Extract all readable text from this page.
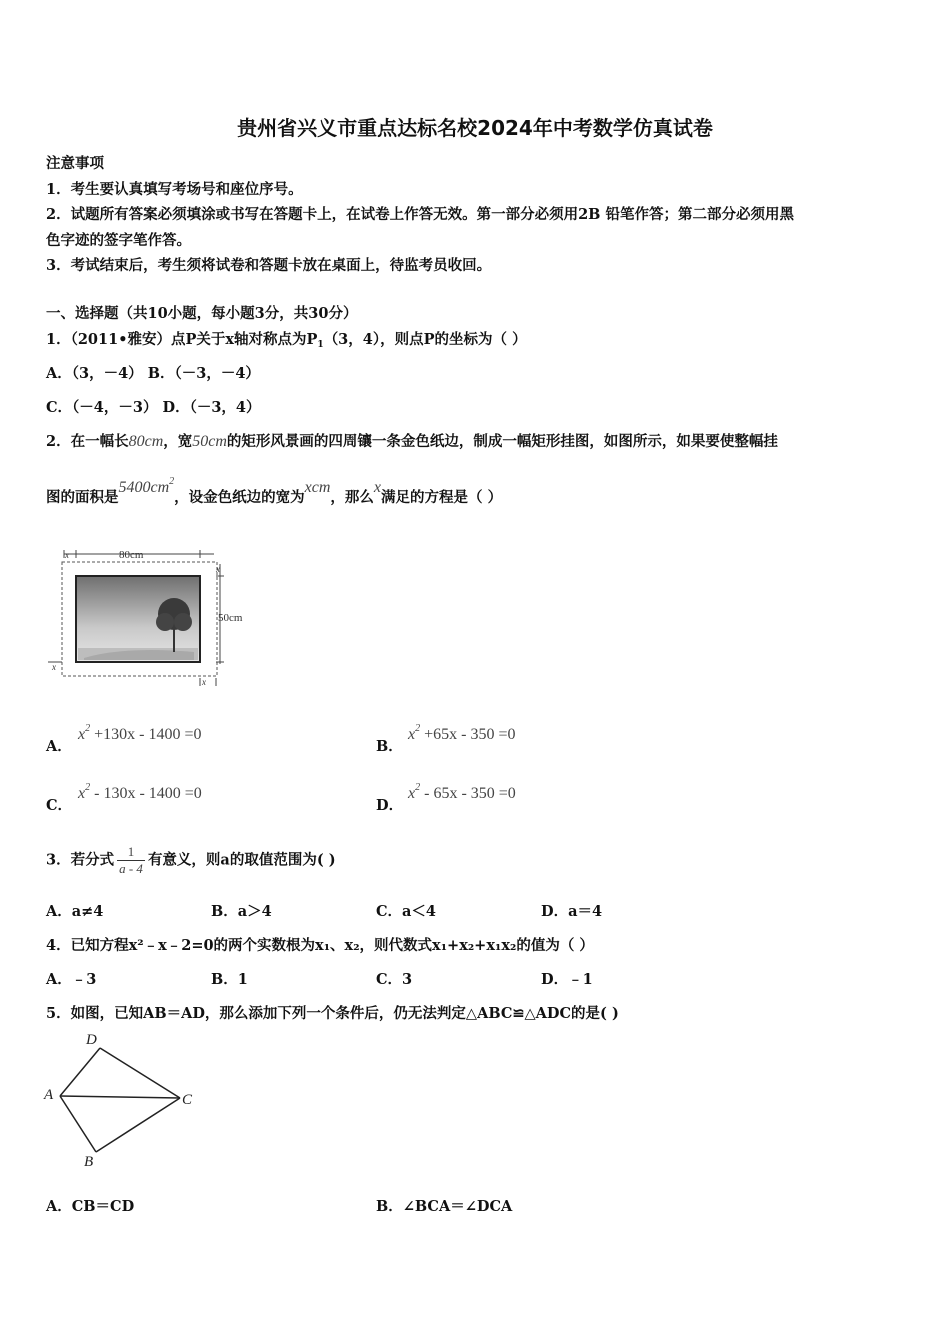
贵州省兴义市重点达标名校2024年中考数学仿真试卷
注意事项
1．考生要认真填写考场号和座位序号。
2．试题所有答案必须填涂或书写在答题卡上，在试卷上作答无效。第一部分必须用2B 铅笔作答；第二部分必须用黑
色字迹的签字笔作答。
3．考试结束后，考生须将试卷和答题卡放在桌面上，待监考员收回。
一、选择题（共10小题，每小题3分，共30分）
1．（2011•雅安）点P关于x轴对称点为$P_1(3$，4），则点P的坐标为（ ）
A．（3，－4） B．（－3，－4）
C．（－4，－3） D．（－3，4）
2．在一幅长80cm，宽50cm的矩形风景画的四周镶一条金色纸边，制成一幅矩形挂图，如图所示，如果要使整幅挂
图的面积是$5400cm^2$，设金色纸边的宽为xcm，那么x满足的方程是（ ）
x	80cm
x
50cm
x
x
A．
$x^2 +130x - 1400 =0$
B．
$x^2 +65x - 350 =0$
C．
$x^2 - 130x - 1400 =0$
D．
$x^2 - 65x - 350 =0$
3．若分式 $\frac{1}{a - 4}$ 有意义，则a的取值范围为( )
A．a≠4	B．a＞4	C．a＜4	D．a＝4
4．已知方程x²﹣x﹣2=0的两个实数根为x₁、x₂，则代数式x₁+x₂+x₁x₂的值为（ ）
A．﹣3	B．1	C．3	D．﹣1
5．如图，已知AB＝AD，那么添加下列一个条件后，仍无法判定△ABC≌△ADC的是( )
A
D
C
B
A．CB＝CD	B．∠BCA＝∠DCA
